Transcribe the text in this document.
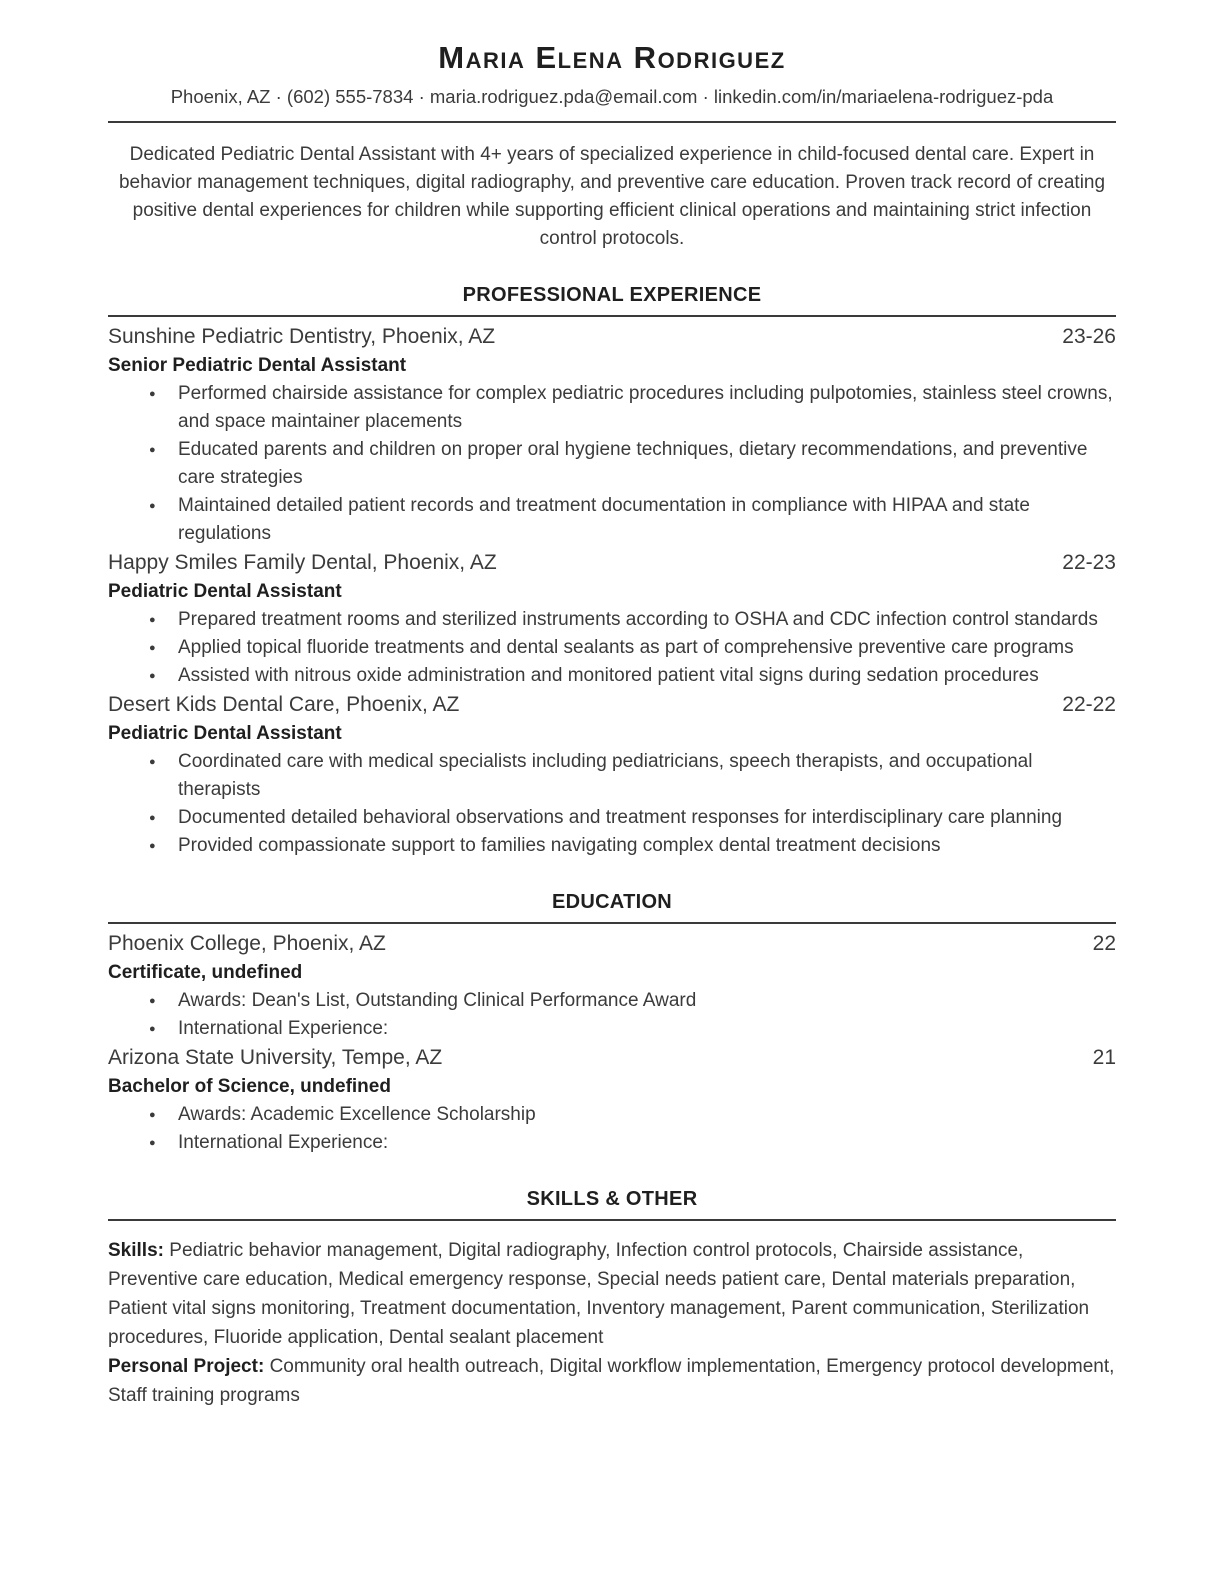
Maria Elena Rodriguez
Phoenix, AZ · (602) 555-7834 · maria.rodriguez.pda@email.com · linkedin.com/in/mariaelena-rodriguez-pda

Dedicated Pediatric Dental Assistant with 4+ years of specialized experience in child-focused dental care. Expert in behavior management techniques, digital radiography, and preventive care education. Proven track record of creating positive dental experiences for children while supporting efficient clinical operations and maintaining strict infection control protocols.

PROFESSIONAL EXPERIENCE
Sunshine Pediatric Dentistry, Phoenix, AZ	23-26
Senior Pediatric Dental Assistant
● Performed chairside assistance for complex pediatric procedures including pulpotomies, stainless steel crowns, and space maintainer placements
● Educated parents and children on proper oral hygiene techniques, dietary recommendations, and preventive care strategies
● Maintained detailed patient records and treatment documentation in compliance with HIPAA and state regulations
Happy Smiles Family Dental, Phoenix, AZ	22-23
Pediatric Dental Assistant
● Prepared treatment rooms and sterilized instruments according to OSHA and CDC infection control standards
● Applied topical fluoride treatments and dental sealants as part of comprehensive preventive care programs
● Assisted with nitrous oxide administration and monitored patient vital signs during sedation procedures
Desert Kids Dental Care, Phoenix, AZ	22-22
Pediatric Dental Assistant
● Coordinated care with medical specialists including pediatricians, speech therapists, and occupational therapists
● Documented detailed behavioral observations and treatment responses for interdisciplinary care planning
● Provided compassionate support to families navigating complex dental treatment decisions
EDUCATION
Phoenix College, Phoenix, AZ	22
Certificate, undefined
● Awards: Dean's List, Outstanding Clinical Performance Award
● International Experience:
Arizona State University, Tempe, AZ	21
Bachelor of Science, undefined
● Awards: Academic Excellence Scholarship
● International Experience:
SKILLS & OTHER

Skills: Pediatric behavior management, Digital radiography, Infection control protocols, Chairside assistance, Preventive care education, Medical emergency response, Special needs patient care, Dental materials preparation, Patient vital signs monitoring, Treatment documentation, Inventory management, Parent communication, Sterilization procedures, Fluoride application, Dental sealant placement

Personal Project: Community oral health outreach, Digital workflow implementation, Emergency protocol development, Staff training programs
